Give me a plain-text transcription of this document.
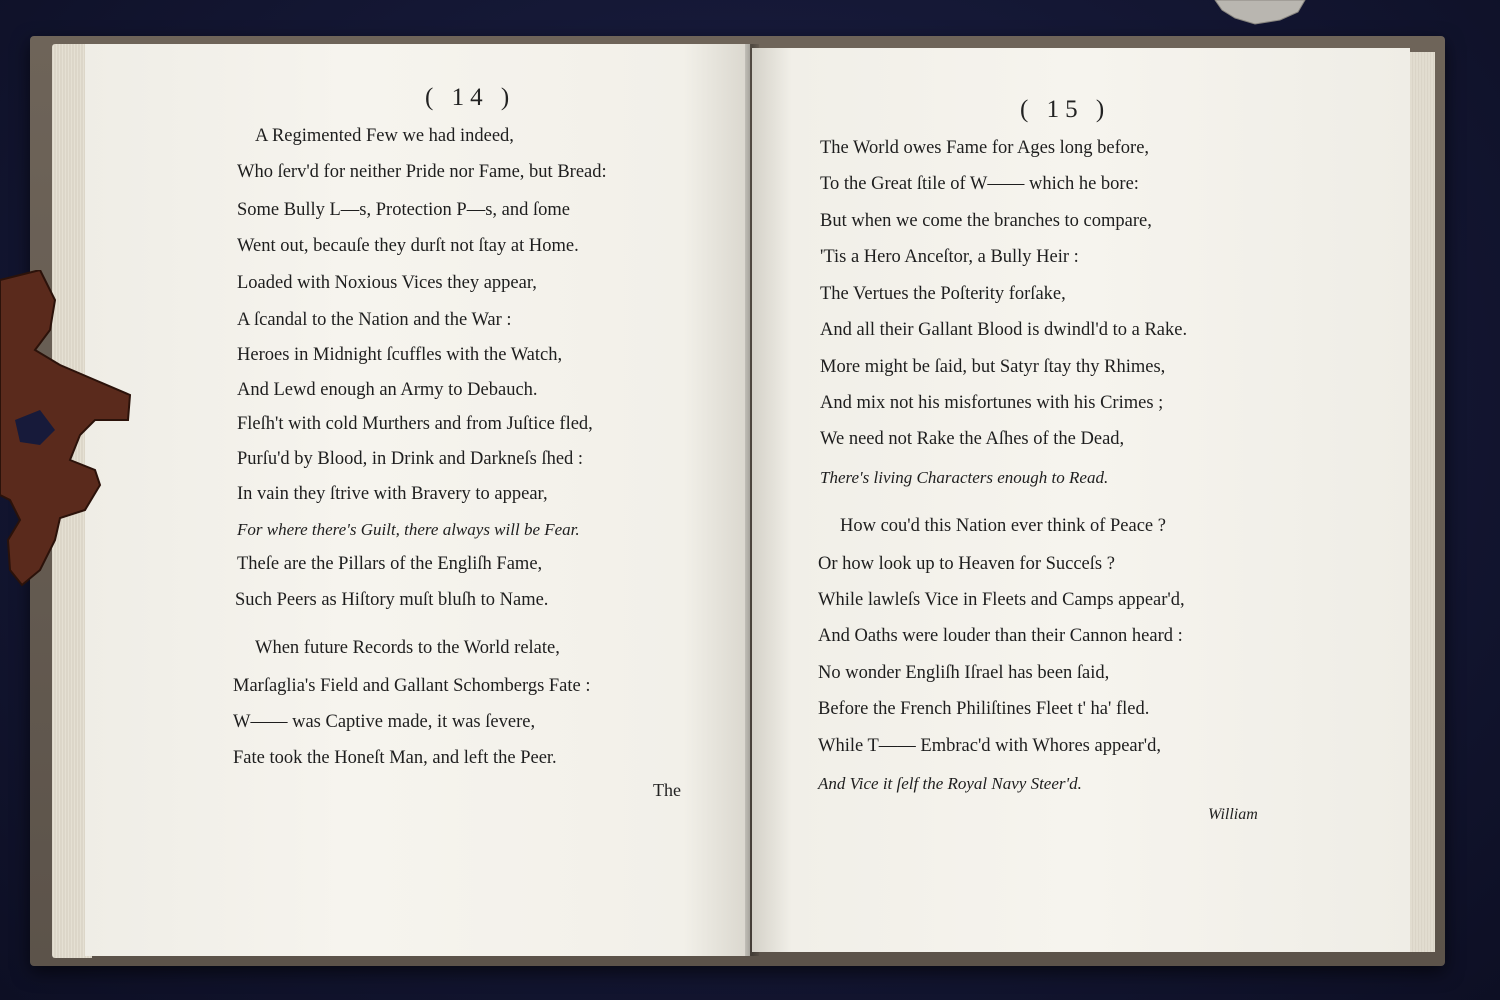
( 14 )
A Regimented Few we had indeed,
Who ſerv'd for neither Pride nor Fame, but Bread:
Some Bully L—s, Protection P—s, and ſome
Went out, becauſe they durſt not ſtay at Home.
Loaded with Noxious Vices they appear,
A ſcandal to the Nation and the War :
Heroes in Midnight ſcuffles with the Watch,
And Lewd enough an Army to Debauch.
Fleſh't with cold Murthers and from Juſtice fled,
Purſu'd by Blood, in Drink and Darkneſs ſhed :
In vain they ſtrive with Bravery to appear,
For where there's Guilt, there always will be Fear.
Theſe are the Pillars of the Engliſh Fame,
Such Peers as Hiſtory muſt bluſh to Name.
When future Records to the World relate,
Marſaglia's Field and Gallant Schombergs Fate :
W—— was Captive made, it was ſevere,
Fate took the Honeſt Man, and left the Peer.
The
( 15 )
The World owes Fame for Ages long before,
To the Great ſtile of W—— which he bore:
But when we come the branches to compare,
'Tis a Hero Anceſtor, a Bully Heir :
The Vertues the Poſterity forſake,
And all their Gallant Blood is dwindl'd to a Rake.
More might be ſaid, but Satyr ſtay thy Rhimes,
And mix not his misfortunes with his Crimes ;
We need not Rake the Aſhes of the Dead,
There's living Characters enough to Read.
How cou'd this Nation ever think of Peace ?
Or how look up to Heaven for Succeſs ?
While lawleſs Vice in Fleets and Camps appear'd,
And Oaths were louder than their Cannon heard :
No wonder Engliſh Iſrael has been ſaid,
Before the French Philiſtines Fleet t' ha' fled.
While T—— Embrac'd with Whores appear'd,
And Vice it ſelf the Royal Navy Steer'd.
William
